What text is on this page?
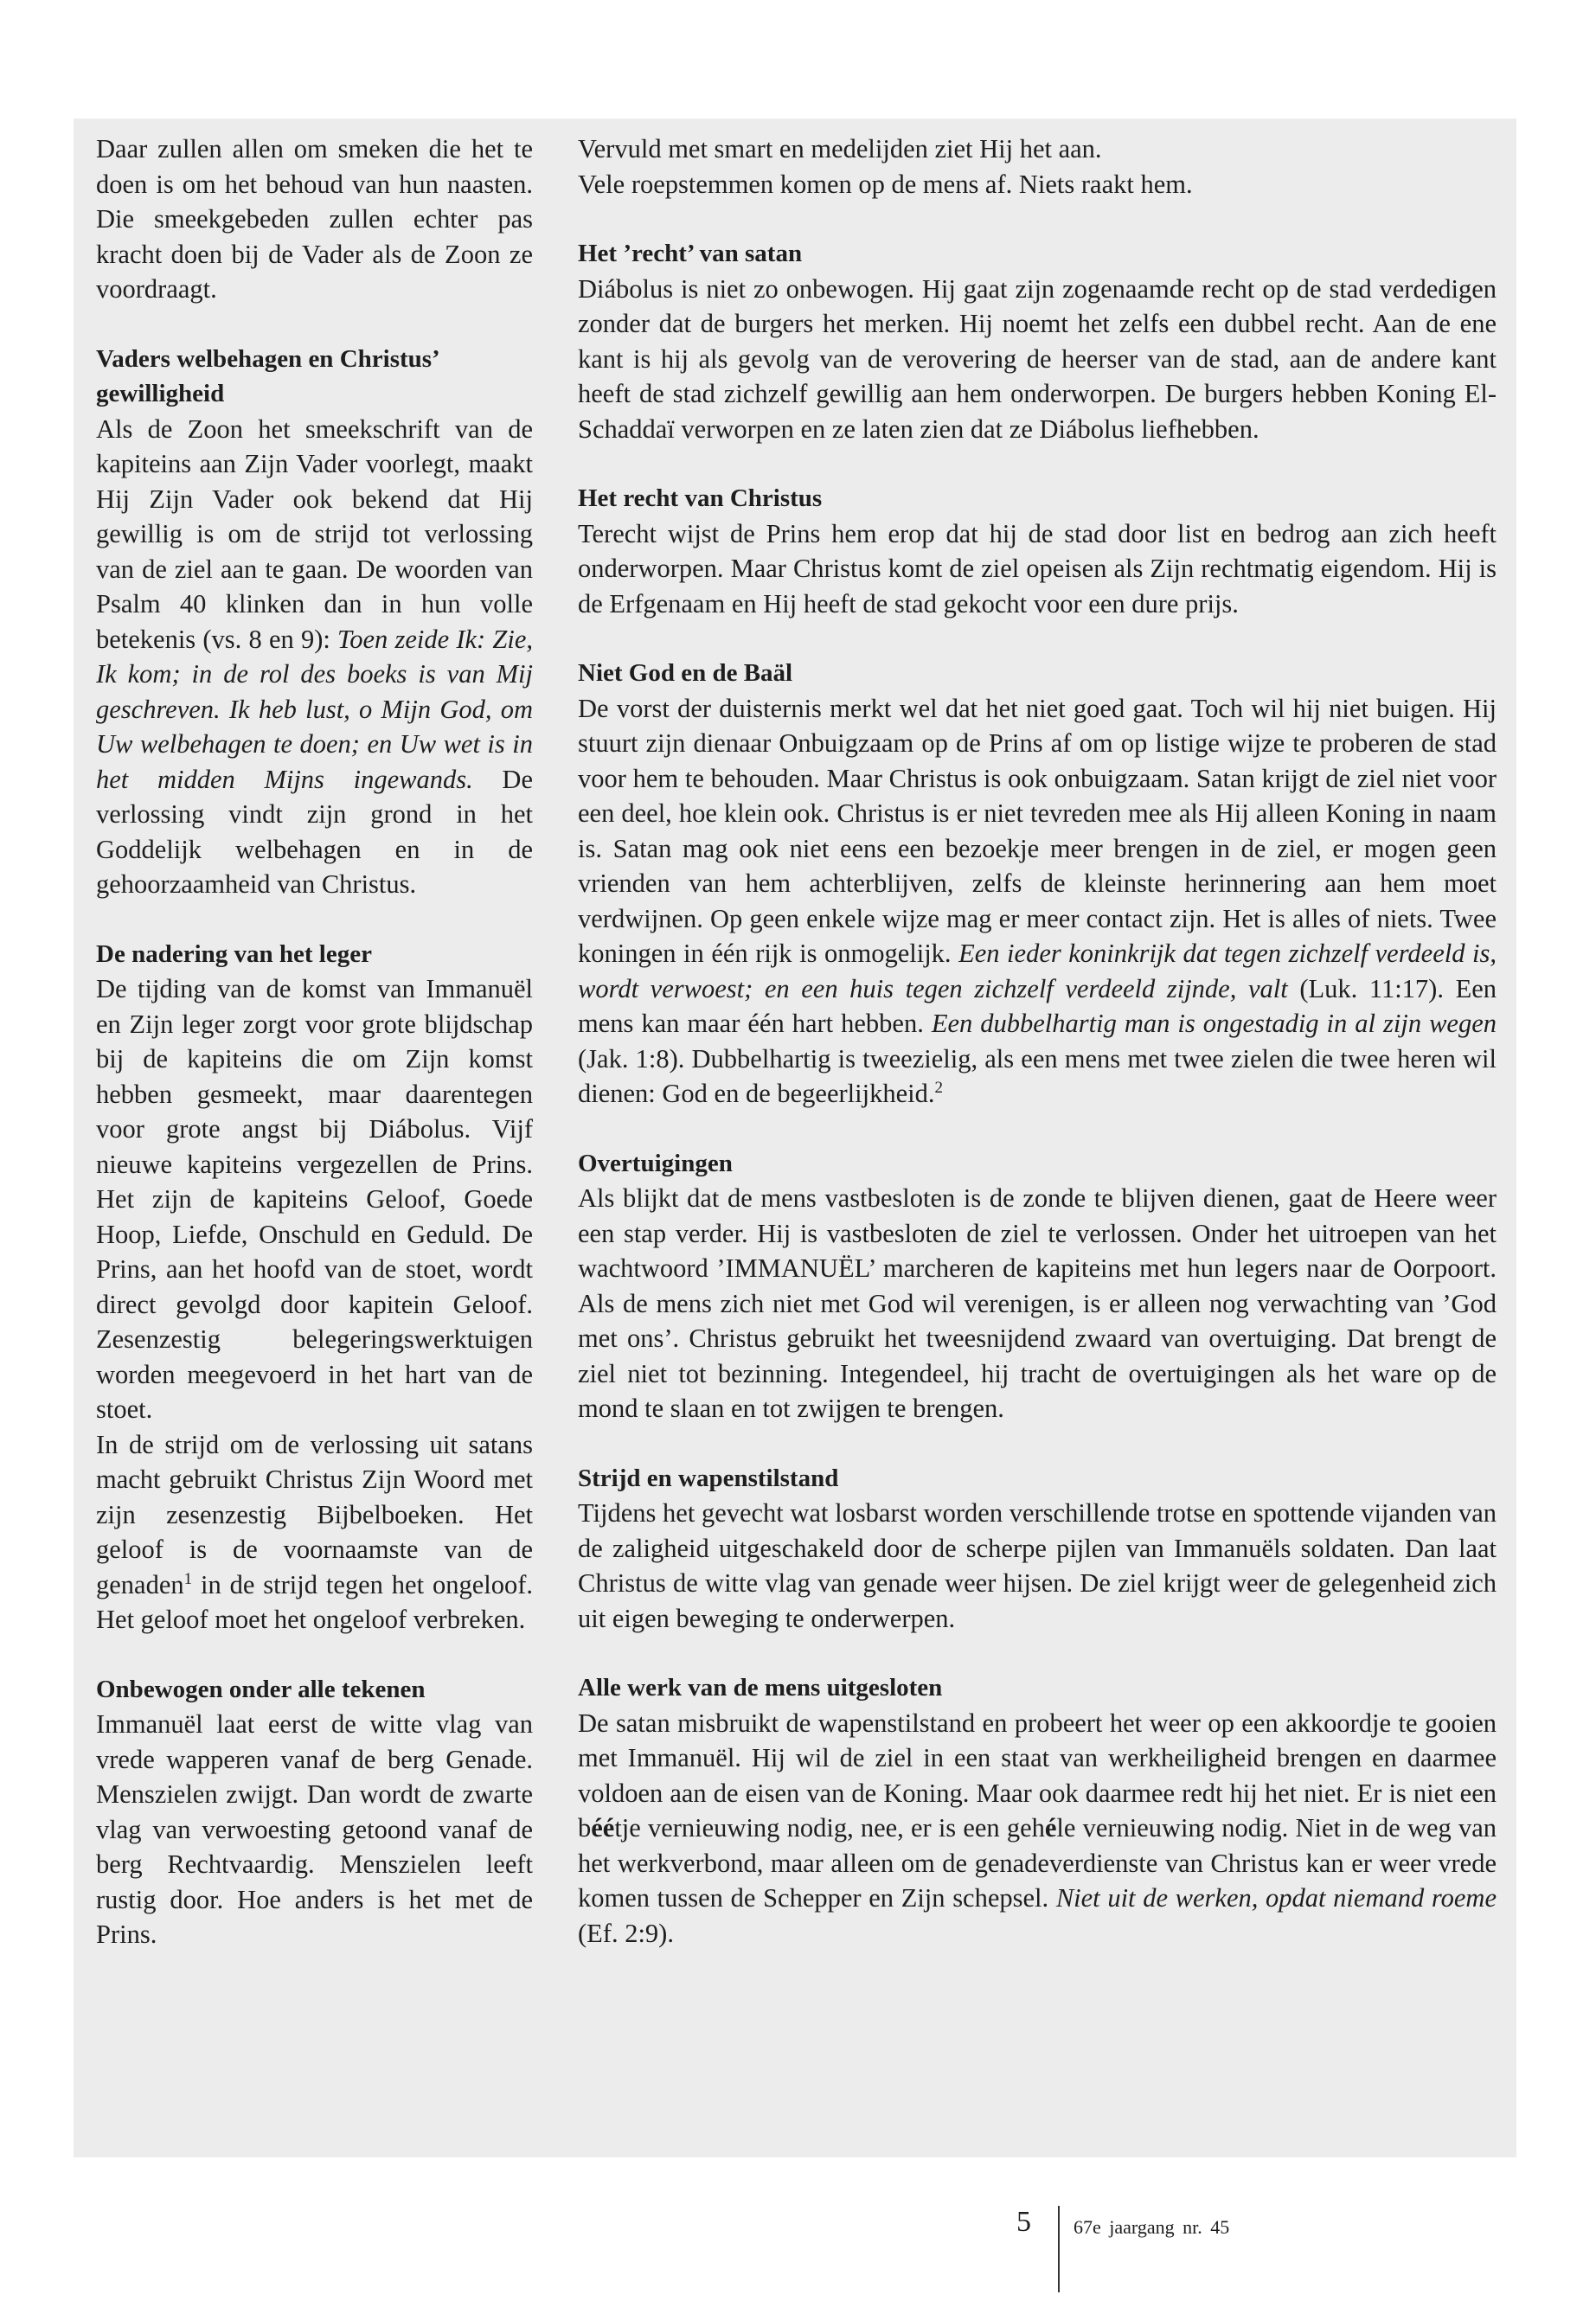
Daar zullen allen om smeken die het te doen is om het behoud van hun naasten. Die smeekgebeden zullen echter pas kracht doen bij de Vader als de Zoon ze voordraagt.

Vaders welbehagen en Christus’ gewilligheid

Als de Zoon het smeekschrift van de kapiteins aan Zijn Vader voorlegt, maakt Hij Zijn Vader ook bekend dat Hij gewillig is om de strijd tot verlossing van de ziel aan te gaan. De woorden van Psalm 40 klinken dan in hun volle betekenis (vs. 8 en 9): Toen zeide Ik: Zie, Ik kom; in de rol des boeks is van Mij geschreven. Ik heb lust, o Mijn God, om Uw welbehagen te doen; en Uw wet is in het midden Mijns ingewands. De verlossing vindt zijn grond in het Goddelijk welbehagen en in de gehoorzaamheid van Christus.

De nadering van het leger

De tijding van de komst van Immanuël en Zijn leger zorgt voor grote blijdschap bij de kapiteins die om Zijn komst hebben gesmeekt, maar daarentegen voor grote angst bij Diábolus. Vijf nieuwe kapiteins vergezellen de Prins. Het zijn de kapiteins Geloof, Goede Hoop, Liefde, Onschuld en Geduld. De Prins, aan het hoofd van de stoet, wordt direct gevolgd door kapitein Geloof. Zesenzestig belegeringswerktuigen worden meegevoerd in het hart van de stoet.

In de strijd om de verlossing uit satans macht gebruikt Christus Zijn Woord met zijn zesenzestig Bijbelboeken. Het geloof is de voornaamste van de genaden$^1$ in de strijd tegen het ongeloof. Het geloof moet het ongeloof verbreken.

Onbewogen onder alle tekenen

Immanuël laat eerst de witte vlag van vrede wapperen vanaf de berg Genade. Menszielen zwijgt. Dan wordt de zwarte vlag van verwoesting getoond vanaf de berg Rechtvaardig. Menszielen leeft rustig door. Hoe anders is het met de Prins.

Vervuld met smart en medelijden ziet Hij het aan.

Vele roepstemmen komen op de mens af. Niets raakt hem.

Het ’recht’ van satan

Diábolus is niet zo onbewogen. Hij gaat zijn zogenaamde recht op de stad verdedigen zonder dat de burgers het merken. Hij noemt het zelfs een dubbel recht. Aan de ene kant is hij als gevolg van de verovering de heerser van de stad, aan de andere kant heeft de stad zichzelf gewillig aan hem onderworpen. De burgers hebben Koning El-Schaddaï verworpen en ze laten zien dat ze Diábolus liefhebben.

Het recht van Christus

Terecht wijst de Prins hem erop dat hij de stad door list en bedrog aan zich heeft onderworpen. Maar Christus komt de ziel opeisen als Zijn rechtmatig eigendom. Hij is de Erfgenaam en Hij heeft de stad gekocht voor een dure prijs.

Niet God en de Baäl

De vorst der duisternis merkt wel dat het niet goed gaat. Toch wil hij niet buigen. Hij stuurt zijn dienaar Onbuigzaam op de Prins af om op listige wijze te proberen de stad voor hem te behouden. Maar Christus is ook onbuigzaam. Satan krijgt de ziel niet voor een deel, hoe klein ook. Christus is er niet tevreden mee als Hij alleen Koning in naam is. Satan mag ook niet eens een bezoekje meer brengen in de ziel, er mogen geen vrienden van hem achterblijven, zelfs de kleinste herinnering aan hem moet verdwijnen. Op geen enkele wijze mag er meer contact zijn. Het is alles of niets. Twee koningen in één rijk is onmogelijk. Een ieder koninkrijk dat tegen zichzelf verdeeld is, wordt verwoest; en een huis tegen zichzelf verdeeld zijnde, valt (Luk. 11:17). Een mens kan maar één hart hebben. Een dubbelhartig man is ongestadig in al zijn wegen (Jak. 1:8). Dubbelhartig is tweezielig, als een mens met twee zielen die twee heren wil dienen: God en de begeerlijkheid.$^2$

Overtuigingen

Als blijkt dat de mens vastbesloten is de zonde te blijven dienen, gaat de Heere weer een stap verder. Hij is vastbesloten de ziel te verlossen. Onder het uitroepen van het wachtwoord ’IMMANUËL’ marcheren de kapiteins met hun legers naar de Oorpoort. Als de mens zich niet met God wil verenigen, is er alleen nog verwachting van ’God met ons’. Christus gebruikt het tweesnijdend zwaard van overtuiging. Dat brengt de ziel niet tot bezinning. Integendeel, hij tracht de overtuigingen als het ware op de mond te slaan en tot zwijgen te brengen.

Strijd en wapenstilstand

Tijdens het gevecht wat losbarst worden verschillende trotse en spottende vijanden van de zaligheid uitgeschakeld door de scherpe pijlen van Immanuëls soldaten. Dan laat Christus de witte vlag van genade weer hijsen. De ziel krijgt weer de gelegenheid zich uit eigen beweging te onderwerpen.

Alle werk van de mens uitgesloten

De satan misbruikt de wapenstilstand en probeert het weer op een akkoordje te gooien met Immanuël. Hij wil de ziel in een staat van werkheiligheid brengen en daarmee voldoen aan de eisen van de Koning. Maar ook daarmee redt hij het niet. Er is niet een béétje vernieuwing nodig, nee, er is een gehéle vernieuwing nodig. Niet in de weg van het werkverbond, maar alleen om de genadeverdienste van Christus kan er weer vrede komen tussen de Schepper en Zijn schepsel. Niet uit de werken, opdat niemand roeme (Ef. 2:9).

5 67e jaargang nr. 45
